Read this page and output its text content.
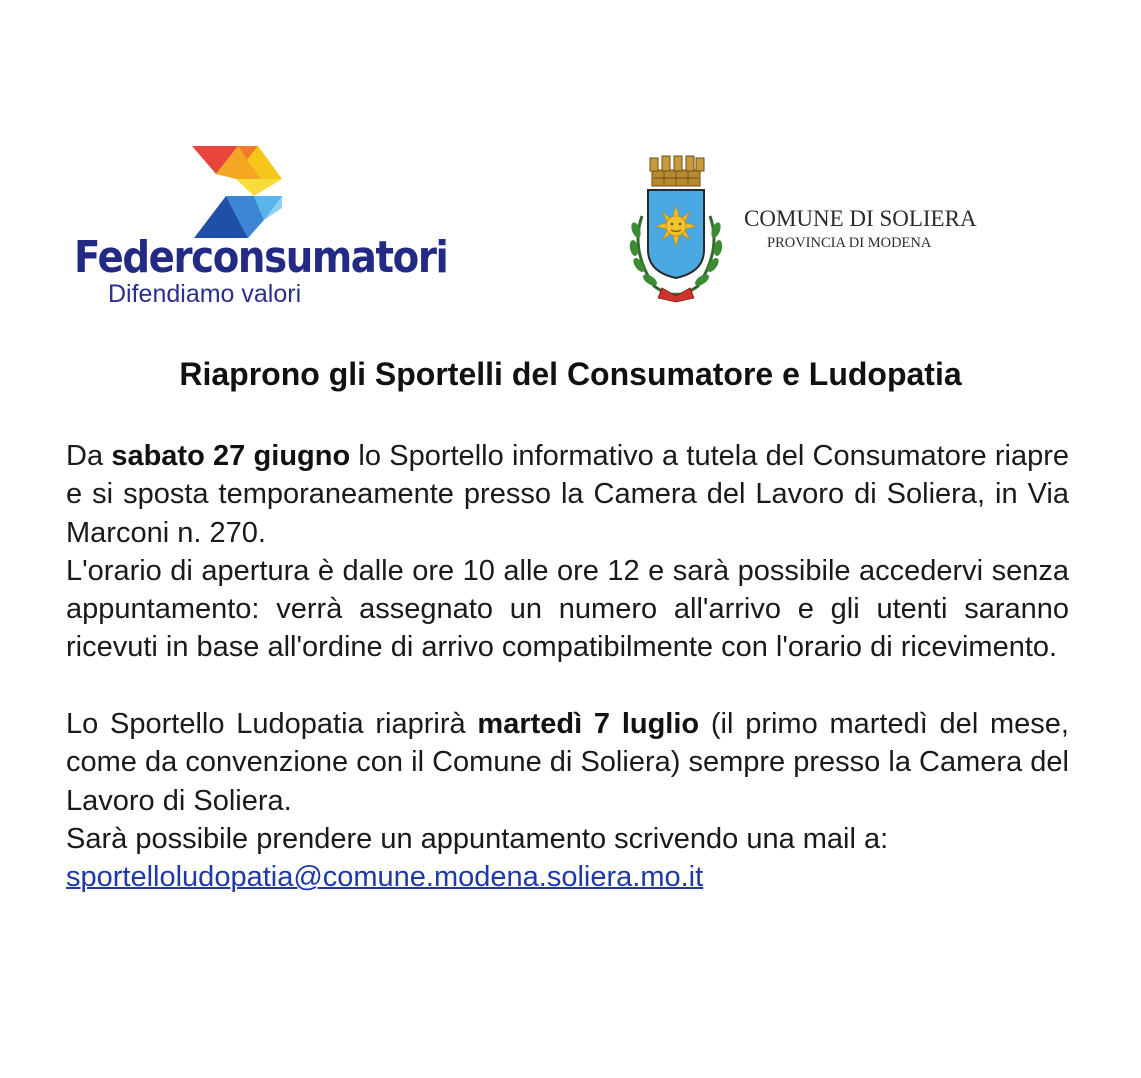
Federconsumatori
Difendiamo valori
COMUNE DI SOLIERA
PROVINCIA DI MODENA
Riaprono gli Sportelli del Consumatore e Ludopatia

Da sabato 27 giugno lo Sportello informativo a tutela del Consumatore riapre e si sposta temporaneamente presso la Camera del Lavoro di Soliera, in Via Marconi n. 270.

L'orario di apertura è dalle ore 10 alle ore 12 e sarà possibile accedervi senza appuntamento: verrà assegnato un numero all'arrivo e gli utenti saranno ricevuti in base all'ordine di arrivo compatibilmente con l'orario di ricevimento.

Lo Sportello Ludopatia riaprirà martedì 7 luglio (il primo martedì del mese, come da convenzione con il Comune di Soliera) sempre presso la Camera del Lavoro di Soliera.

Sarà possibile prendere un appuntamento scrivendo una mail a:

sportelloludopatia@comune.modena.soliera.mo.it
